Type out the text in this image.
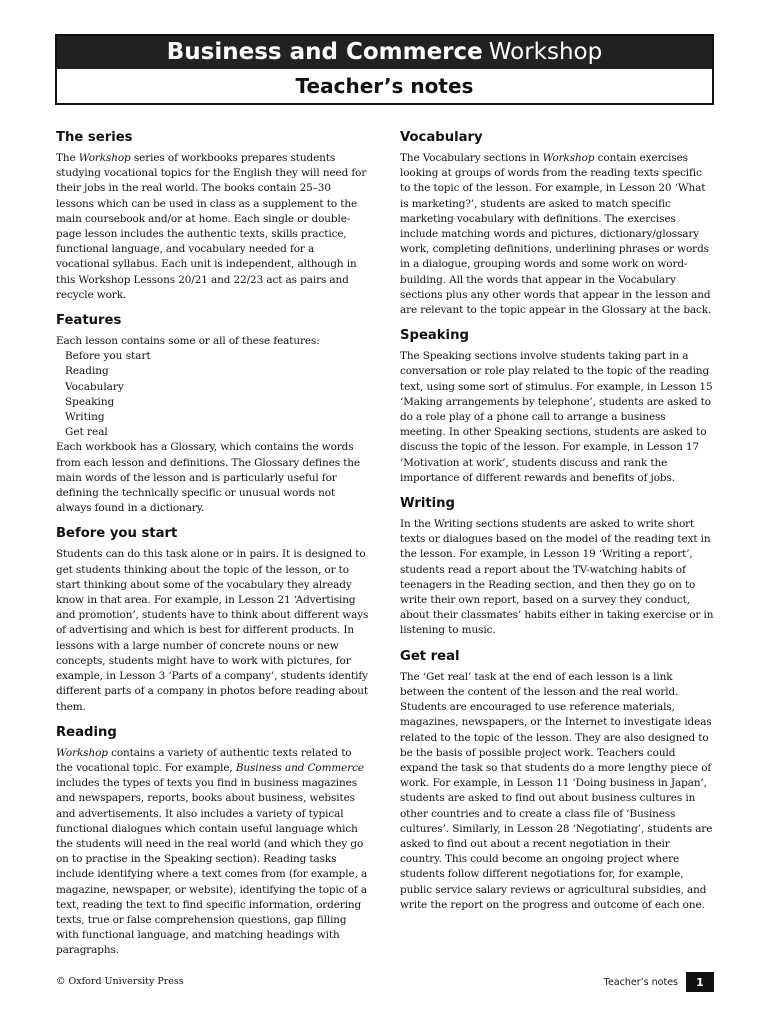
Business and Commerce Workshop
Teacher’s notes
The series

The Workshop series of workbooks prepares students studying vocational topics for the English they will need for their jobs in the real world. The books contain 25–30 lessons which can be used in class as a supplement to the main coursebook and/or at home. Each single or double-page lesson includes the authentic texts, skills practice, functional language, and vocabulary needed for a vocational syllabus. Each unit is independent, although in this Workshop Lessons 20/21 and 22/23 act as pairs and recycle work.

Features

Each lesson contains some or all of these features:

Before you start
Reading
Vocabulary
Speaking
Writing
Get real

Each workbook has a Glossary, which contains the words from each lesson and definitions. The Glossary defines the main words of the lesson and is particularly useful for defining the technically specific or unusual words not always found in a dictionary.

Before you start

Students can do this task alone or in pairs. It is designed to get students thinking about the topic of the lesson, or to start thinking about some of the vocabulary they already know in that area. For example, in Lesson 21 ‘Advertising and promotion’, students have to think about different ways of advertising and which is best for different products. In lessons with a large number of concrete nouns or new concepts, students might have to work with pictures, for example, in Lesson 3 ‘Parts of a company’, students identify different parts of a company in photos before reading about them.

Reading

Workshop contains a variety of authentic texts related to the vocational topic. For example, Business and Commerce includes the types of texts you find in business magazines and newspapers, reports, books about business, websites and advertisements. It also includes a variety of typical functional dialogues which contain useful language which the students will need in the real world (and which they go on to practise in the Speaking section). Reading tasks include identifying where a text comes from (for example, a magazine, newspaper, or website), identifying the topic of a text, reading the text to find specific information, ordering texts, true or false comprehension questions, gap filling with functional language, and matching headings with paragraphs.

Vocabulary

The Vocabulary sections in Workshop contain exercises looking at groups of words from the reading texts specific to the topic of the lesson. For example, in Lesson 20 ‘What is marketing?’, students are asked to match specific marketing vocabulary with definitions. The exercises include matching words and pictures, dictionary/glossary work, completing definitions, underlining phrases or words in a dialogue, grouping words and some work on word-building. All the words that appear in the Vocabulary sections plus any other words that appear in the lesson and are relevant to the topic appear in the Glossary at the back.

Speaking

The Speaking sections involve students taking part in a conversation or role play related to the topic of the reading text, using some sort of stimulus. For example, in Lesson 15 ‘Making arrangements by telephone’, students are asked to do a role play of a phone call to arrange a business meeting. In other Speaking sections, students are asked to discuss the topic of the lesson. For example, in Lesson 17 ‘Motivation at work’, students discuss and rank the importance of different rewards and benefits of jobs.

Writing

In the Writing sections students are asked to write short texts or dialogues based on the model of the reading text in the lesson. For example, in Lesson 19 ‘Writing a report’, students read a report about the TV-watching habits of teenagers in the Reading section, and then they go on to write their own report, based on a survey they conduct, about their classmates’ habits either in taking exercise or in listening to music.

Get real

The ‘Get real’ task at the end of each lesson is a link between the content of the lesson and the real world. Students are encouraged to use reference materials, magazines, newspapers, or the Internet to investigate ideas related to the topic of the lesson. They are also designed to be the basis of possible project work. Teachers could expand the task so that students do a more lengthy piece of work. For example, in Lesson 11 ‘Doing business in Japan’, students are asked to find out about business cultures in other countries and to create a class file of ‘Business cultures’. Similarly, in Lesson 28 ‘Negotiating’, students are asked to find out about a recent negotiation in their country. This could become an ongoing project where students follow different negotiations for, for example, public service salary reviews or agricultural subsidies, and write the report on the progress and outcome of each one.

© Oxford University Press	Teacher’s notes	1
